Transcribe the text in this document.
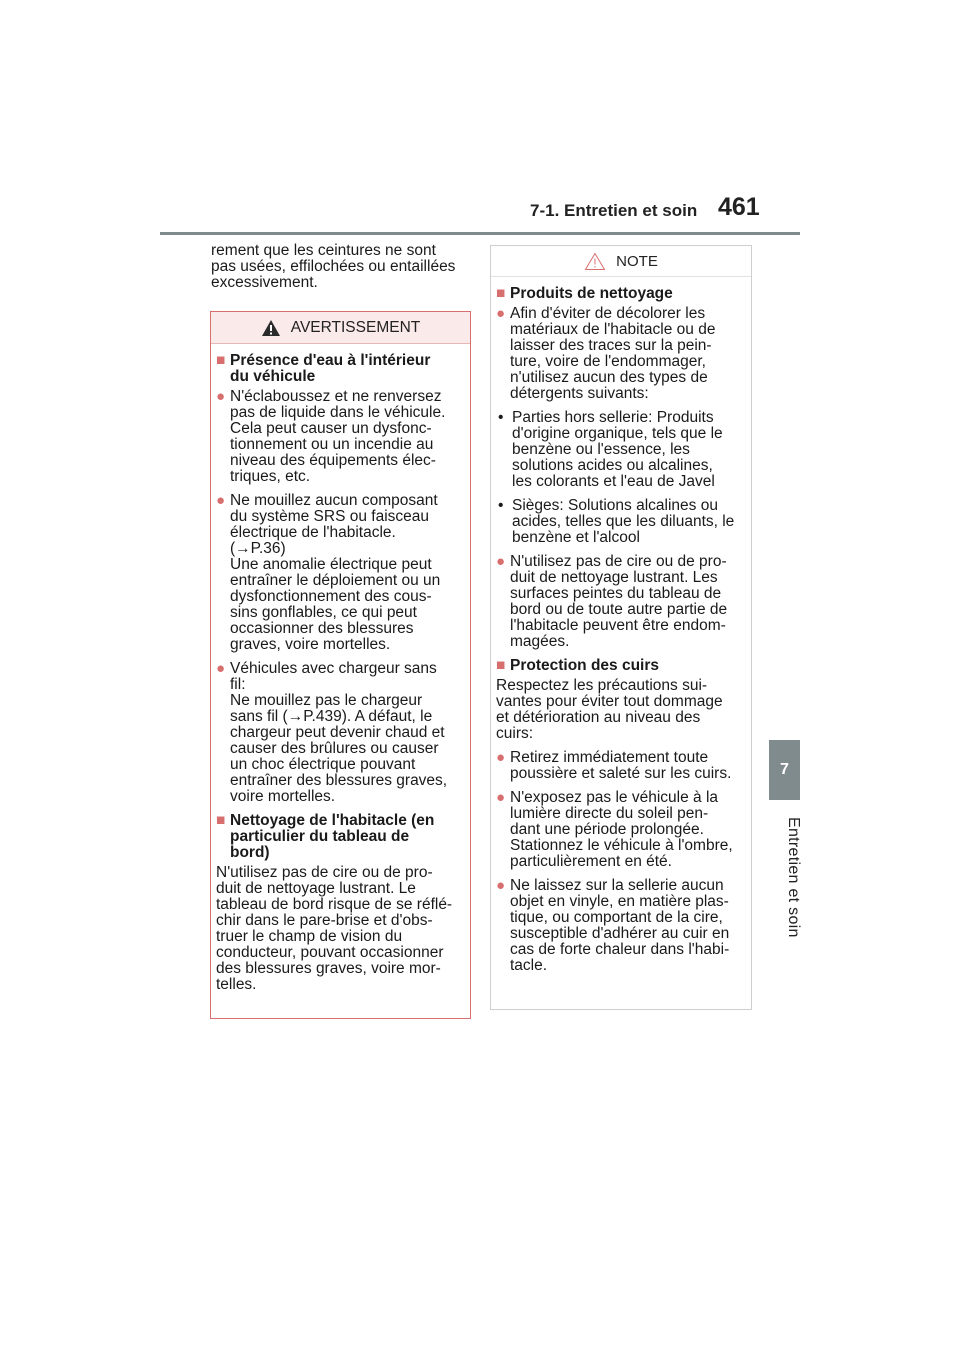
7-1. Entretien et soin 461
7
Entretien et soin
rement que les ceintures ne sont
pas usées, effilochées ou entaillées
excessivement.
AVERTISSEMENT
■ Présence d'eau à l'intérieur
du véhicule
● N'éclaboussez et ne renversez
pas de liquide dans le véhicule.
Cela peut causer un dysfonc-
tionnement ou un incendie au
niveau des équipements élec-
triques, etc.
● Ne mouillez aucun composant
du système SRS ou faisceau
électrique de l'habitacle.
(→P.36)
Une anomalie électrique peut
entraîner le déploiement ou un
dysfonctionnement des cous-
sins gonflables, ce qui peut
occasionner des blessures
graves, voire mortelles.
● Véhicules avec chargeur sans
fil:
Ne mouillez pas le chargeur
sans fil (→P.439). A défaut, le
chargeur peut devenir chaud et
causer des brûlures ou causer
un choc électrique pouvant
entraîner des blessures graves,
voire mortelles.
■ Nettoyage de l'habitacle (en
particulier du tableau de
bord)
N'utilisez pas de cire ou de pro-
duit de nettoyage lustrant. Le
tableau de bord risque de se réflé-
chir dans le pare-brise et d'obs-
truer le champ de vision du
conducteur, pouvant occasionner
des blessures graves, voire mor-
telles.
NOTE
■ Produits de nettoyage
● Afin d'éviter de décolorer les
matériaux de l'habitacle ou de
laisser des traces sur la pein-
ture, voire de l'endommager,
n'utilisez aucun des types de
détergents suivants:
• Parties hors sellerie: Produits
d'origine organique, tels que le
benzène ou l'essence, les
solutions acides ou alcalines,
les colorants et l'eau de Javel
• Sièges: Solutions alcalines ou
acides, telles que les diluants, le
benzène et l'alcool
● N'utilisez pas de cire ou de pro-
duit de nettoyage lustrant. Les
surfaces peintes du tableau de
bord ou de toute autre partie de
l'habitacle peuvent être endom-
magées.
■ Protection des cuirs
Respectez les précautions sui-
vantes pour éviter tout dommage
et détérioration au niveau des
cuirs:
● Retirez immédiatement toute
poussière et saleté sur les cuirs.
● N'exposez pas le véhicule à la
lumière directe du soleil pen-
dant une période prolongée.
Stationnez le véhicule à l'ombre,
particulièrement en été.
● Ne laissez sur la sellerie aucun
objet en vinyle, en matière plas-
tique, ou comportant de la cire,
susceptible d'adhérer au cuir en
cas de forte chaleur dans l'habi-
tacle.
